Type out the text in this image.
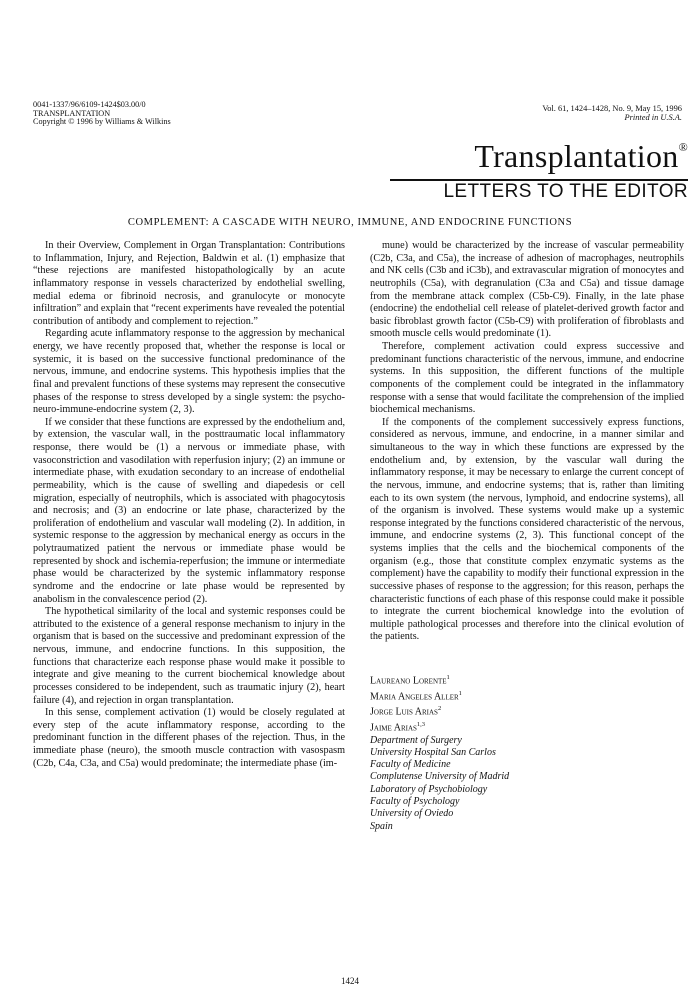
0041-1337/96/6109-1424$03.00/0
TRANSPLANTATION
Copyright © 1996 by Williams & Wilkins
Vol. 61, 1424–1428, No. 9, May 15, 1996
Printed in U.S.A.
Transplantation®
LETTERS TO THE EDITOR
COMPLEMENT: A CASCADE WITH NEURO, IMMUNE, AND ENDOCRINE FUNCTIONS

In their Overview, Complement in Organ Transplantation: Contributions to Inflammation, Injury, and Rejection, Baldwin et al. (1) emphasize that “these rejections are manifested histopathologically by an acute inflammatory response in vessels characterized by endothelial swelling, medial edema or fibrinoid necrosis, and granulocyte or monocyte infiltration” and explain that “recent experiments have revealed the potential contribution of antibody and complement to rejection.”

Regarding acute inflammatory response to the aggression by mechanical energy, we have recently proposed that, whether the response is local or systemic, it is based on the successive functional predominance of the nervous, immune, and endocrine systems. This hypothesis implies that the final and prevalent functions of these systems may represent the consecutive phases of the response to stress developed by a single system: the psycho-neuro-immune-endocrine system (2, 3).

If we consider that these functions are expressed by the endothelium and, by extension, the vascular wall, in the posttraumatic local inflammatory response, there would be (1) a nervous or immediate phase, with vasoconstriction and vasodilation with reperfusion injury; (2) an immune or intermediate phase, with exudation secondary to an increase of endothelial permeability, which is the cause of swelling and diapedesis or cell migration, especially of neutrophils, which is associated with phagocytosis and necrosis; and (3) an endocrine or late phase, characterized by the proliferation of endothelium and vascular wall modeling (2). In addition, in systemic response to the aggression by mechanical energy as occurs in the polytraumatized patient the nervous or immediate phase would be represented by shock and ischemia-reperfusion; the immune or intermediate phase would be characterized by the systemic inflammatory response syndrome and the endocrine or late phase would be represented by anabolism in the convalescence period (2).

The hypothetical similarity of the local and systemic responses could be attributed to the existence of a general response mechanism to injury in the organism that is based on the successive and predominant expression of the nervous, immune, and endocrine functions. In this supposition, the functions that characterize each response phase would make it possible to integrate and give meaning to the current biochemical knowledge about processes considered to be independent, such as traumatic injury (2), heart failure (4), and rejection in organ transplantation.

In this sense, complement activation (1) would be closely regulated at every step of the acute inflammatory response, according to the predominant function in the different phases of the rejection. Thus, in the immediate phase (neuro), the smooth muscle contraction with vasospasm (C2b, C4a, C3a, and C5a) would predominate; the intermediate phase (im-

mune) would be characterized by the increase of vascular permeability (C2b, C3a, and C5a), the increase of adhesion of macrophages, neutrophils and NK cells (C3b and iC3b), and extravascular migration of monocytes and neutrophils (C5a), with degranulation (C3a and C5a) and tissue damage from the membrane attack complex (C5b-C9). Finally, in the late phase (endocrine) the endothelial cell release of platelet-derived growth factor and basic fibroblast growth factor (C5b-C9) with proliferation of fibroblasts and smooth muscle cells would predominate (1).

Therefore, complement activation could express successive and predominant functions characteristic of the nervous, immune, and endocrine systems. In this supposition, the different functions of the multiple components of the complement could be integrated in the inflammatory response with a sense that would facilitate the comprehension of the implied biochemical mechanisms.

If the components of the complement successively express functions, considered as nervous, immune, and endocrine, in a manner similar and simultaneous to the way in which these functions are expressed by the endothelium and, by extension, by the vascular wall during the inflammatory response, it may be necessary to enlarge the current concept of the nervous, immune, and endocrine systems; that is, rather than limiting each to its own system (the nervous, lymphoid, and endocrine systems), all of the organism is involved. These systems would make up a systemic response integrated by the functions considered characteristic of the nervous, immune, and endocrine systems (2, 3). This functional concept of the systems implies that the cells and the biochemical components of the organism (e.g., those that constitute complex enzymatic systems as the complement) have the capability to modify their functional expression in the successive phases of response to the aggression; for this reason, perhaps the characteristic functions of each phase of this response could make it possible to integrate the current biochemical knowledge into the evolution of multiple pathological processes and therefore into the clinical evolution of the patients.

Laureano Lorente$^1$
Maria Angeles Aller$^1$
Jorge Luis Arias$^2$
Jaime Arias$^{1,3}$
Department of Surgery
University Hospital San Carlos
Faculty of Medicine
Complutense University of Madrid
Laboratory of Psychobiology
Faculty of Psychology
University of Oviedo
Spain
1424
